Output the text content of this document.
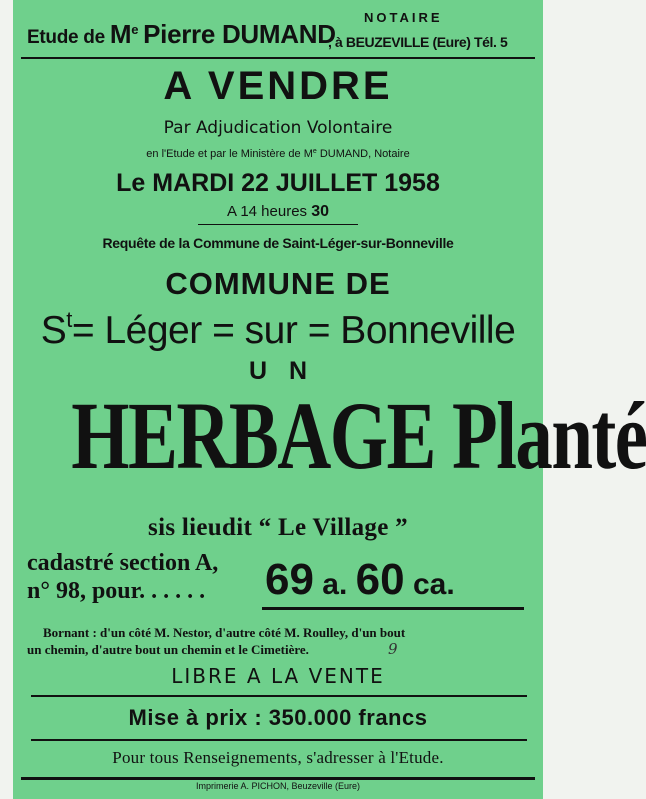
Etude de Me Pierre DUMAND
NOTAIRE
, à BEUZEVILLE (Eure) Tél. 5
A VENDRE
Par Adjudication Volontaire
en l'Etude et par le Ministère de Me DUMAND, Notaire
Le MARDI 22 JUILLET 1958
A 14 heures 30
Requête de la Commune de Saint-Léger-sur-Bonneville
COMMUNE DE
$S^t=$ Léger = sur = Bonneville
UN
HERBAGE Planté
sis lieudit “ Le Village ”
cadastré section A,
n° 98, pour. . . . . . 69 a. 60 ca.
Bornant : d'un côté M. Nestor, d'autre côté M. Roulley, d'un bout
un chemin, d'autre bout un chemin et le Cimetière.	9
LIBRE A LA VENTE
Mise à prix : 350.000 francs
Pour tous Renseignements, s'adresser à l'Etude.
Imprimerie A. PICHON, Beuzeville (Eure)
